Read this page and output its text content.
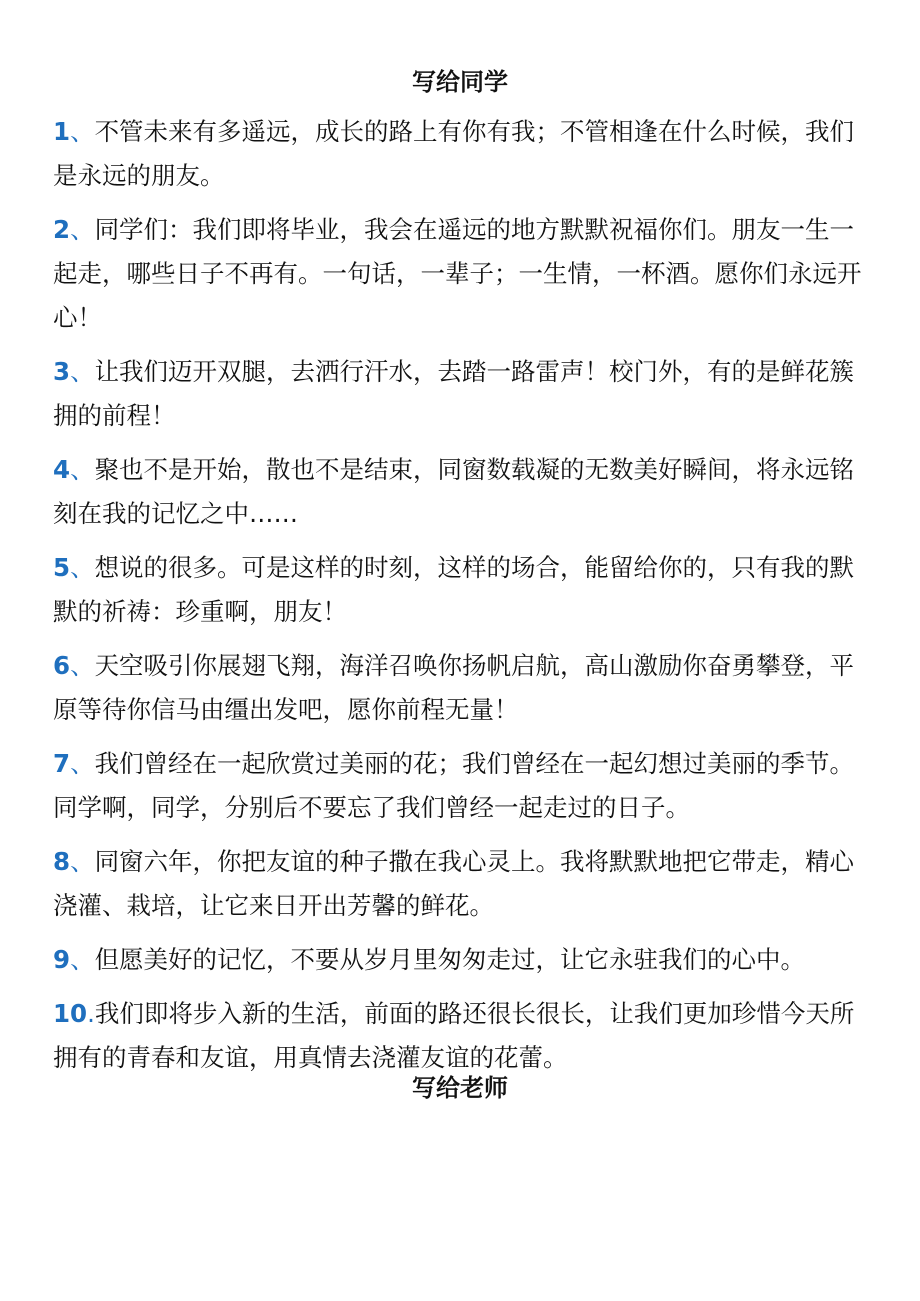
写给同学
1、不管未来有多遥远，成长的路上有你有我；不管相逢在什么时候，我们是永远的朋友。
2、同学们：我们即将毕业，我会在遥远的地方默默祝福你们。朋友一生一起走，哪些日子不再有。一句话，一辈子；一生情，一杯酒。愿你们永远开心！
3、让我们迈开双腿，去洒行汗水，去踏一路雷声！校门外，有的是鲜花簇拥的前程！
4、聚也不是开始，散也不是结束，同窗数载凝的无数美好瞬间，将永远铭刻在我的记忆之中……
5、想说的很多。可是这样的时刻，这样的场合，能留给你的，只有我的默默的祈祷：珍重啊，朋友！
6、天空吸引你展翅飞翔，海洋召唤你扬帆启航，高山激励你奋勇攀登，平原等待你信马由缰出发吧，愿你前程无量！
7、我们曾经在一起欣赏过美丽的花；我们曾经在一起幻想过美丽的季节。同学啊，同学，分别后不要忘了我们曾经一起走过的日子。
8、同窗六年，你把友谊的种子撒在我心灵上。我将默默地把它带走，精心浇灌、栽培，让它来日开出芳馨的鲜花。
9、但愿美好的记忆，不要从岁月里匆匆走过，让它永驻我们的心中。
10.我们即将步入新的生活，前面的路还很长很长，让我们更加珍惜今天所拥有的青春和友谊，用真情去浇灌友谊的花蕾。
写给老师
